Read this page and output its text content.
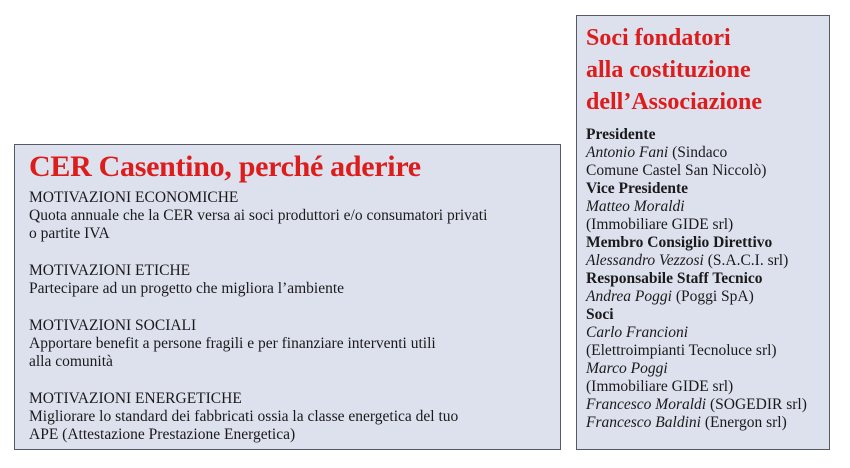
CER Casentino, perché aderire
MOTIVAZIONI ECONOMICHE
Quota annuale che la CER versa ai soci produttori e/o consumatori privati
o partite IVA
MOTIVAZIONI ETICHE
Partecipare ad un progetto che migliora l’ambiente
MOTIVAZIONI SOCIALI
Apportare benefit a persone fragili e per finanziare interventi utili
alla comunità
MOTIVAZIONI ENERGETICHE
Migliorare lo standard dei fabbricati ossia la classe energetica del tuo
APE (Attestazione Prestazione Energetica)
Soci fondatori
alla costituzione
dell’Associazione
Presidente
Antonio Fani (Sindaco
Comune Castel San Niccolò)
Vice Presidente
Matteo Moraldi
(Immobiliare GIDE srl)
Membro Consiglio Direttivo
Alessandro Vezzosi (S.A.C.I. srl)
Responsabile Staff Tecnico
Andrea Poggi (Poggi SpA)
Soci
Carlo Francioni
(Elettroimpianti Tecnoluce srl)
Marco Poggi
(Immobiliare GIDE srl)
Francesco Moraldi (SOGEDIR srl)
Francesco Baldini (Energon srl)
